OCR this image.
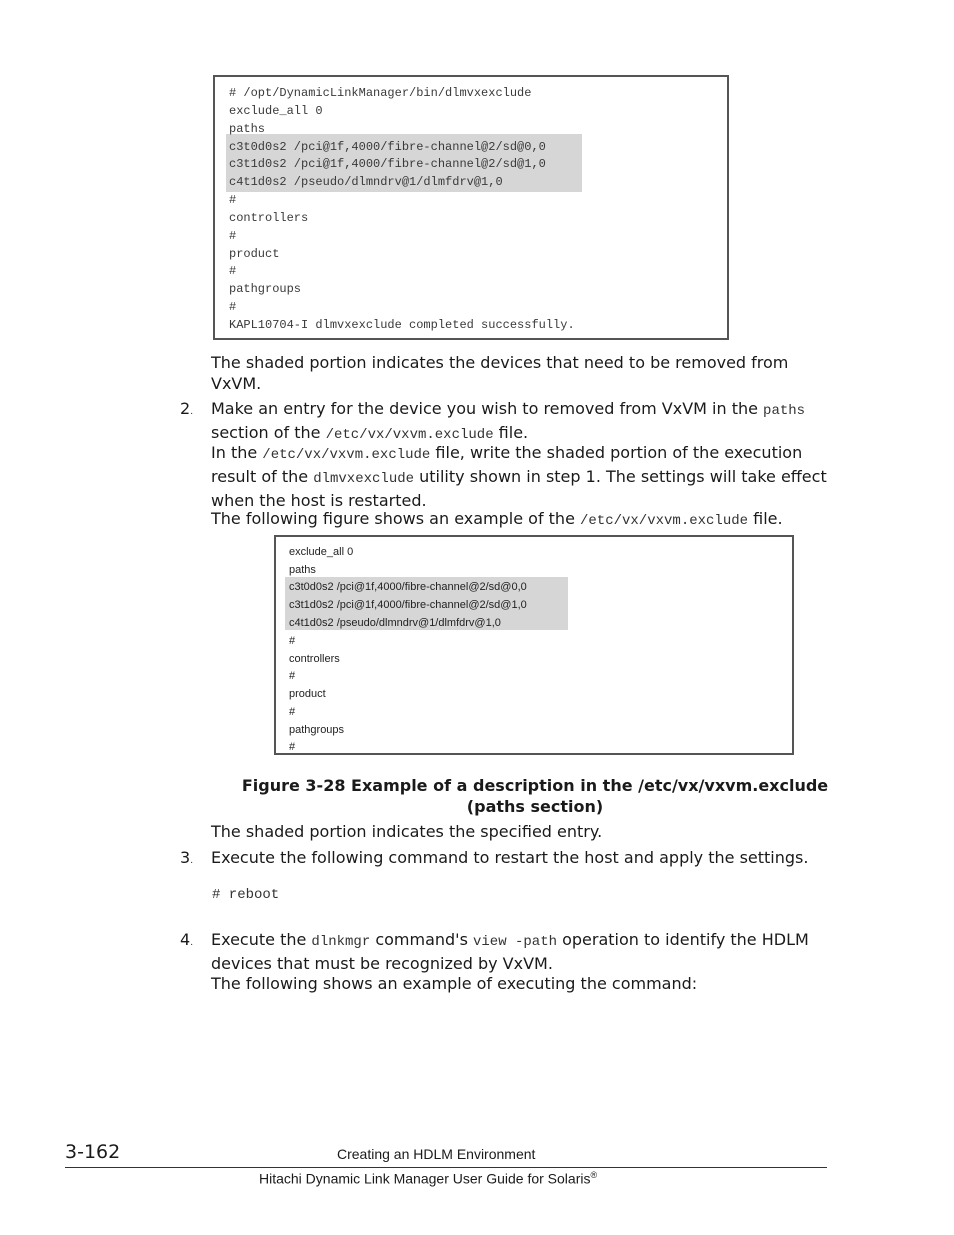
# /opt/DynamicLinkManager/bin/dlmvxexclude
exclude_all 0
paths
c3t0d0s2 /pci@1f,4000/fibre-channel@2/sd@0,0
c3t1d0s2 /pci@1f,4000/fibre-channel@2/sd@1,0
c4t1d0s2 /pseudo/dlmndrv@1/dlmfdrv@1,0
#
controllers
#
product
#
pathgroups
#
KAPL10704-I dlmvxexclude completed successfully.
The shaded portion indicates the devices that need to be removed from VxVM.
2. Make an entry for the device you wish to removed from VxVM in the paths section of the /etc/vx/vxvm.exclude file.
In the /etc/vx/vxvm.exclude file, write the shaded portion of the execution result of the dlmvxexclude utility shown in step 1. The settings will take effect when the host is restarted.
The following figure shows an example of the /etc/vx/vxvm.exclude file.
exclude_all 0
paths
c3t0d0s2 /pci@1f,4000/fibre-channel@2/sd@0,0
c3t1d0s2 /pci@1f,4000/fibre-channel@2/sd@1,0
c4t1d0s2 /pseudo/dlmndrv@1/dlmfdrv@1,0
#
controllers
#
product
#
pathgroups
#
Figure 3-28 Example of a description in the /etc/vx/vxvm.exclude (paths section)
The shaded portion indicates the specified entry.
3. Execute the following command to restart the host and apply the settings.
# reboot
4. Execute the dlnkmgr command's view -path operation to identify the HDLM devices that must be recognized by VxVM.
The following shows an example of executing the command:
3-162	Creating an HDLM Environment
Hitachi Dynamic Link Manager User Guide for Solaris®
